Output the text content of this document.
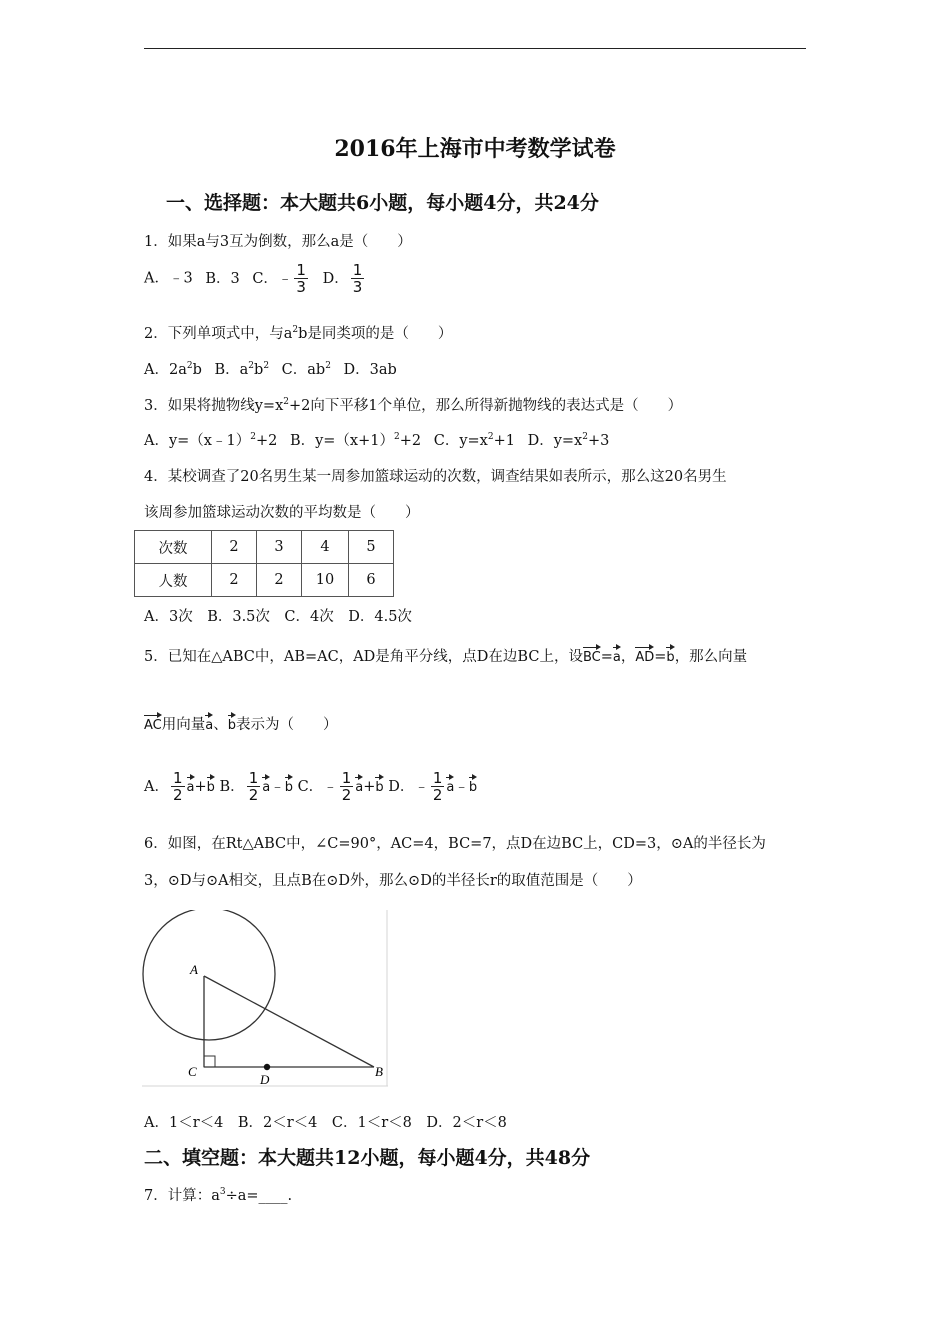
2016年上海市中考数学试卷
一、选择题：本大题共6小题，每小题4分，共24分
1．如果a与3互为倒数，那么a是（　　）
A．﹣3 B．3 C．﹣ $\frac{1}{3}$ D． $\frac{1}{3}$
2．下列单项式中，与$a^2b$是同类项的是（　　）
A．$2a^2b$ B．$a^2b^2$ C．$ab^2$ D．3ab
3．如果将抛物线$y=x^2+2$向下平移1个单位，那么所得新抛物线的表达式是（　　）
A．y=（x﹣1）$^2$+2 B．$y=(x+1)^2+2$ C．$y=x^2+1$ D．$y=x^2+3$
4．某校调查了20名男生某一周参加篮球运动的次数，调查结果如表所示，那么这20名男生
该周参加篮球运动次数的平均数是（　　）
次数	2	3	4	5
人数	2	2	10	6
A．3次　B．3.5次　C．4次　D．4.5次
5．已知在△ABC中，AB=AC，AD是角平分线，点D在边BC上，设BC=a，AD=b，那么向量
AC用向量a、b表示为（　　）
A． $\frac{1}{2} a+b$ B． $\frac{1}{2}$ a﹣b C．﹣ $\frac{1}{2} a+b$ D．﹣ $\frac{1}{2}$ a﹣b
6．如图，在Rt△ABC中，∠C=90°，AC=4，BC=7，点D在边BC上，CD=3，⊙A的半径长为
3，⊙D与⊙A相交，且点B在⊙D外，那么⊙D的半径长r的取值范围是（　　）
A
C
D
B
A．1＜r＜4　B．2＜r＜4　C．1＜r＜8　D．2＜r＜8
二、填空题：本大题共12小题，每小题4分，共48分
7．计算：$a^3\div a=\_\_\_\_$.
